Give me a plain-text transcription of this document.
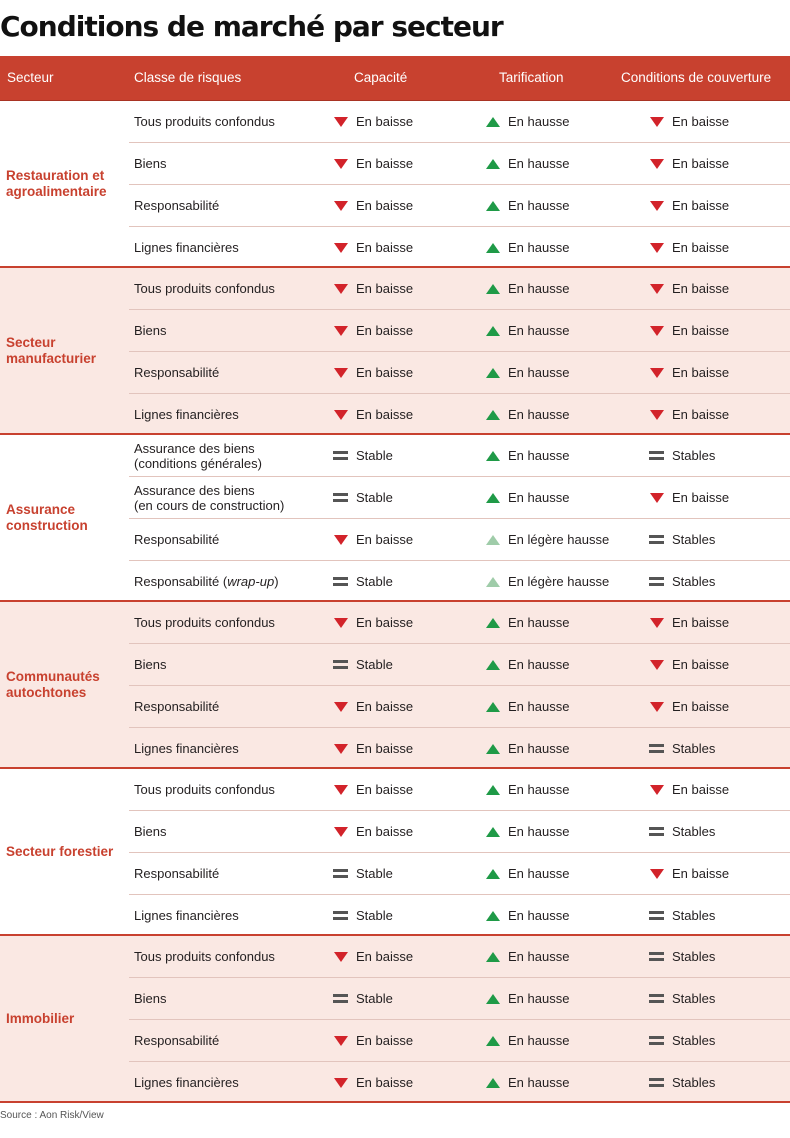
Conditions de marché par secteur
Secteur	Classe de risques	Capacité	Tarification	Conditions de couverture
Restauration et agroalimentaire
Tous produits confondus	En baisse	En hausse	En baisse
Biens	En baisse	En hausse	En baisse
Responsabilité	En baisse	En hausse	En baisse
Lignes financières	En baisse	En hausse	En baisse
Secteur manufacturier
Tous produits confondus	En baisse	En hausse	En baisse
Biens	En baisse	En hausse	En baisse
Responsabilité	En baisse	En hausse	En baisse
Lignes financières	En baisse	En hausse	En baisse
Assurance construction
Assurance des biens
(conditions générales)	Stable	En hausse	Stables
Assurance des biens
(en cours de construction)	Stable	En hausse	En baisse
Responsabilité	En baisse	En légère hausse	Stables
Responsabilité ( wrap-up )	Stable	En légère hausse	Stables
Communautés autochtones
Tous produits confondus	En baisse	En hausse	En baisse
Biens	Stable	En hausse	En baisse
Responsabilité	En baisse	En hausse	En baisse
Lignes financières	En baisse	En hausse	Stables
Secteur forestier
Tous produits confondus	En baisse	En hausse	En baisse
Biens	En baisse	En hausse	Stables
Responsabilité	Stable	En hausse	En baisse
Lignes financières	Stable	En hausse	Stables
Immobilier
Tous produits confondus	En baisse	En hausse	Stables
Biens	Stable	En hausse	Stables
Responsabilité	En baisse	En hausse	Stables
Lignes financières	En baisse	En hausse	Stables
Source : Aon Risk/View
